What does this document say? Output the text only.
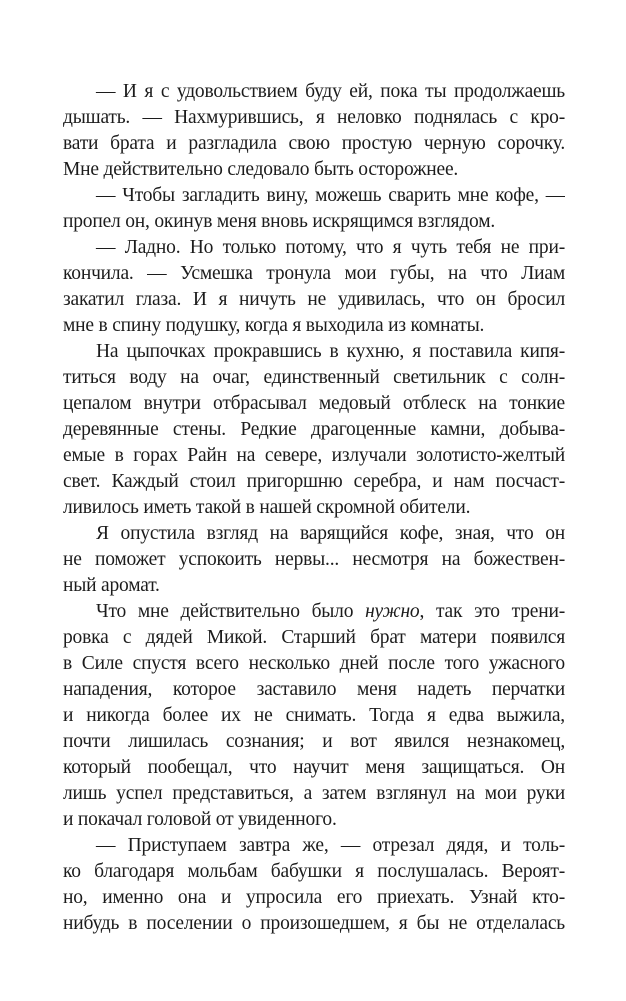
— И я с удовольствием буду ей, пока ты продолжаешь
дышать. — Нахмурившись, я неловко поднялась с кро-
вати брата и разгладила свою простую черную сорочку.
Мне действительно следовало быть осторожнее.
— Чтобы загладить вину, можешь сварить мне кофе, —
пропел он, окинув меня вновь искрящимся взглядом.
— Ладно. Но только потому, что я чуть тебя не при-
кончила. — Усмешка тронула мои губы, на что Лиам
закатил глаза. И я ничуть не удивилась, что он бросил
мне в спину подушку, когда я выходила из комнаты.
На цыпочках прокравшись в кухню, я поставила кипя-
титься воду на очаг, единственный светильник с солн-
цепалом внутри отбрасывал медовый отблеск на тонкие
деревянные стены. Редкие драгоценные камни, добыва-
емые в горах Райн на севере, излучали золотисто-желтый
свет. Каждый стоил пригоршню серебра, и нам посчаст-
ливилось иметь такой в нашей скромной обители.
Я опустила взгляд на варящийся кофе, зная, что он
не поможет успокоить нервы... несмотря на божествен-
ный аромат.
Что мне действительно было нужно, так это трени-
ровка с дядей Микой. Старший брат матери появился
в Силе спустя всего несколько дней после того ужасного
нападения, которое заставило меня надеть перчатки
и никогда более их не снимать. Тогда я едва выжила,
почти лишилась сознания; и вот явился незнакомец,
который пообещал, что научит меня защищаться. Он
лишь успел представиться, а затем взглянул на мои руки
и покачал головой от увиденного.
— Приступаем завтра же, — отрезал дядя, и толь-
ко благодаря мольбам бабушки я послушалась. Вероят-
но, именно она и упросила его приехать. Узнай кто-
нибудь в поселении о произошедшем, я бы не отделалась
